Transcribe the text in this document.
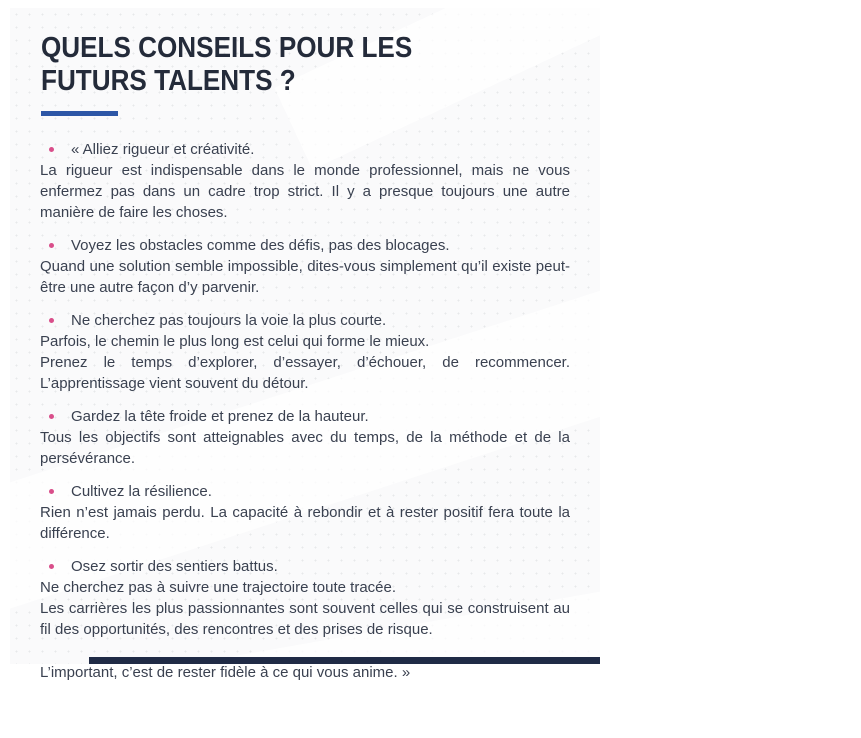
QUELS CONSEILS POUR LES
FUTURS TALENTS ?
« Alliez rigueur et créativité.

La rigueur est indispensable dans le monde professionnel, mais ne vous enfermez pas dans un cadre trop strict. Il y a presque toujours une autre manière de faire les choses.

Voyez les obstacles comme des défis, pas des blocages.

Quand une solution semble impossible, dites-vous simplement qu’il existe peut-être une autre façon d’y parvenir.

Ne cherchez pas toujours la voie la plus courte.

Parfois, le chemin le plus long est celui qui forme le mieux.

Prenez le temps d’explorer, d’essayer, d’échouer, de recommencer. L’apprentissage vient souvent du détour.

Gardez la tête froide et prenez de la hauteur.

Tous les objectifs sont atteignables avec du temps, de la méthode et de la persévérance.

Cultivez la résilience.

Rien n’est jamais perdu. La capacité à rebondir et à rester positif fera toute la différence.

Osez sortir des sentiers battus.

Ne cherchez pas à suivre une trajectoire toute tracée.

Les carrières les plus passionnantes sont souvent celles qui se construisent au fil des opportunités, des rencontres et des prises de risque.

L’important, c’est de rester fidèle à ce qui vous anime. »
